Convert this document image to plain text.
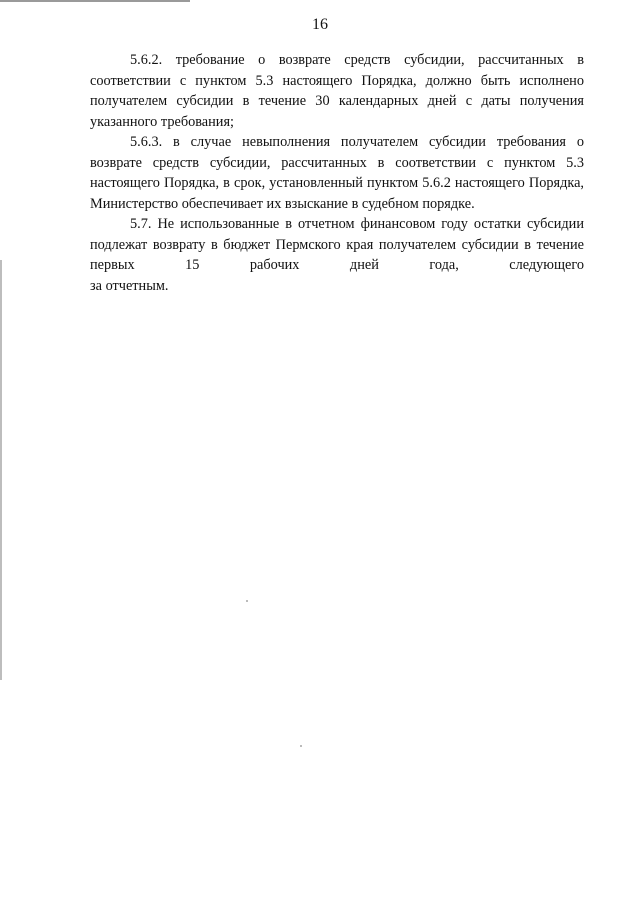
16

5.6.2. требование о возврате средств субсидии, рассчитанных в соответствии с пунктом 5.3 настоящего Порядка, должно быть исполнено получателем субсидии в течение 30 календарных дней с даты получения указанного требования;

5.6.3. в случае невыполнения получателем субсидии требования о возврате средств субсидии, рассчитанных в соответствии с пунктом 5.3 настоящего Порядка, в срок, установленный пунктом 5.6.2 настоящего Порядка, Министерство обеспечивает их взыскание в судебном порядке.

5.7. Не использованные в отчетном финансовом году остатки субсидии подлежат возврату в бюджет Пермского края получателем субсидии в течение первых 15 рабочих дней года, следующего

за отчетным.
